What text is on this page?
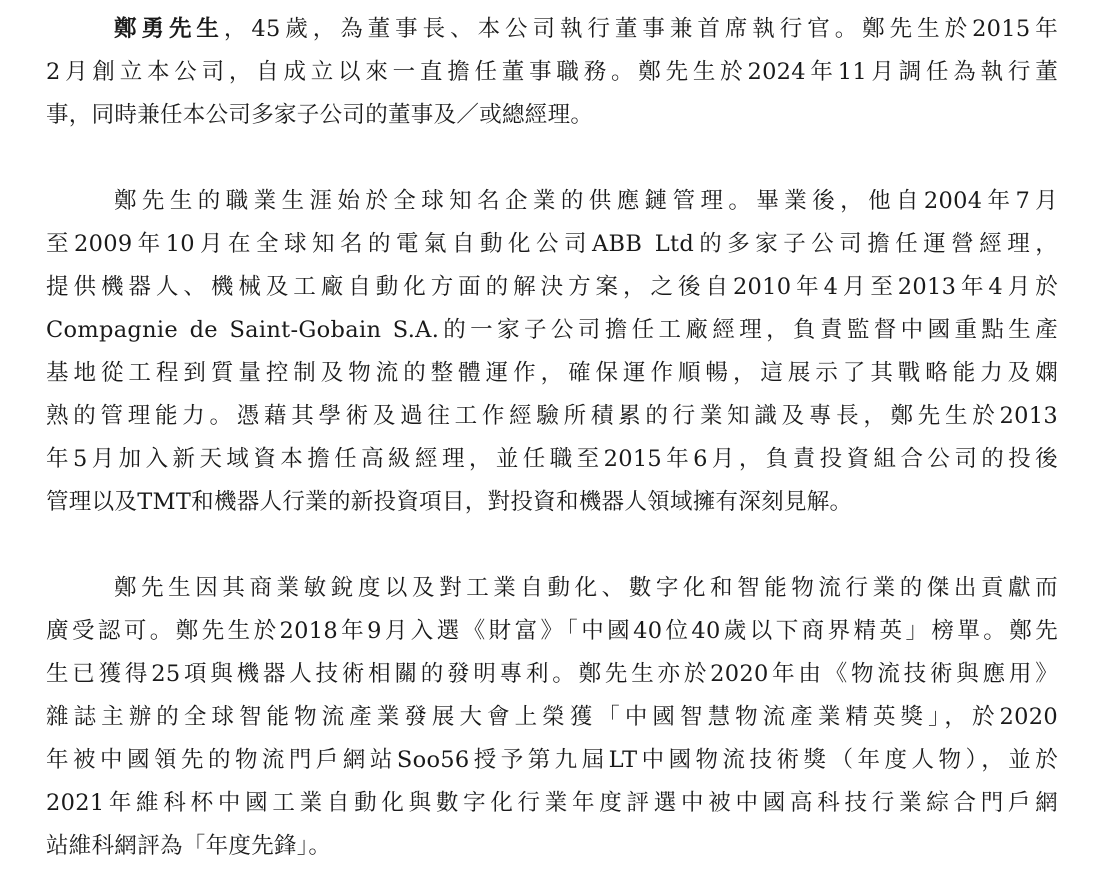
鄭勇先生，45歲，為董事長、本公司執行董事兼首席執行官。鄭先生於2015年
2月創立本公司，自成立以來一直擔任董事職務。鄭先生於2024年11月調任為執行董
事，同時兼任本公司多家子公司的董事及／或總經理。
鄭先生的職業生涯始於全球知名企業的供應鏈管理。畢業後，他自2004年7月
至2009年10月在全球知名的電氣自動化公司ABB Ltd的多家子公司擔任運營經理，
提供機器人、機械及工廠自動化方面的解決方案，之後自2010年4月至2013年4月於
Compagnie de Saint-Gobain S.A.的一家子公司擔任工廠經理，負責監督中國重點生產
基地從工程到質量控制及物流的整體運作，確保運作順暢，這展示了其戰略能力及嫻
熟的管理能力。憑藉其學術及過往工作經驗所積累的行業知識及專長，鄭先生於2013
年5月加入新天域資本擔任高級經理，並任職至2015年6月，負責投資組合公司的投後
管理以及TMT和機器人行業的新投資項目，對投資和機器人領域擁有深刻見解。
鄭先生因其商業敏銳度以及對工業自動化、數字化和智能物流行業的傑出貢獻而
廣受認可。鄭先生於2018年9月入選《財富》「中國40位40歲以下商界精英」榜單。鄭先
生已獲得25項與機器人技術相關的發明專利。鄭先生亦於2020年由《物流技術與應用》
雜誌主辦的全球智能物流產業發展大會上榮獲「中國智慧物流產業精英獎」，於2020
年被中國領先的物流門戶網站Soo56授予第九屆LT中國物流技術獎（年度人物），並於
2021年維科杯中國工業自動化與數字化行業年度評選中被中國高科技行業綜合門戶網
站維科網評為「年度先鋒」。
